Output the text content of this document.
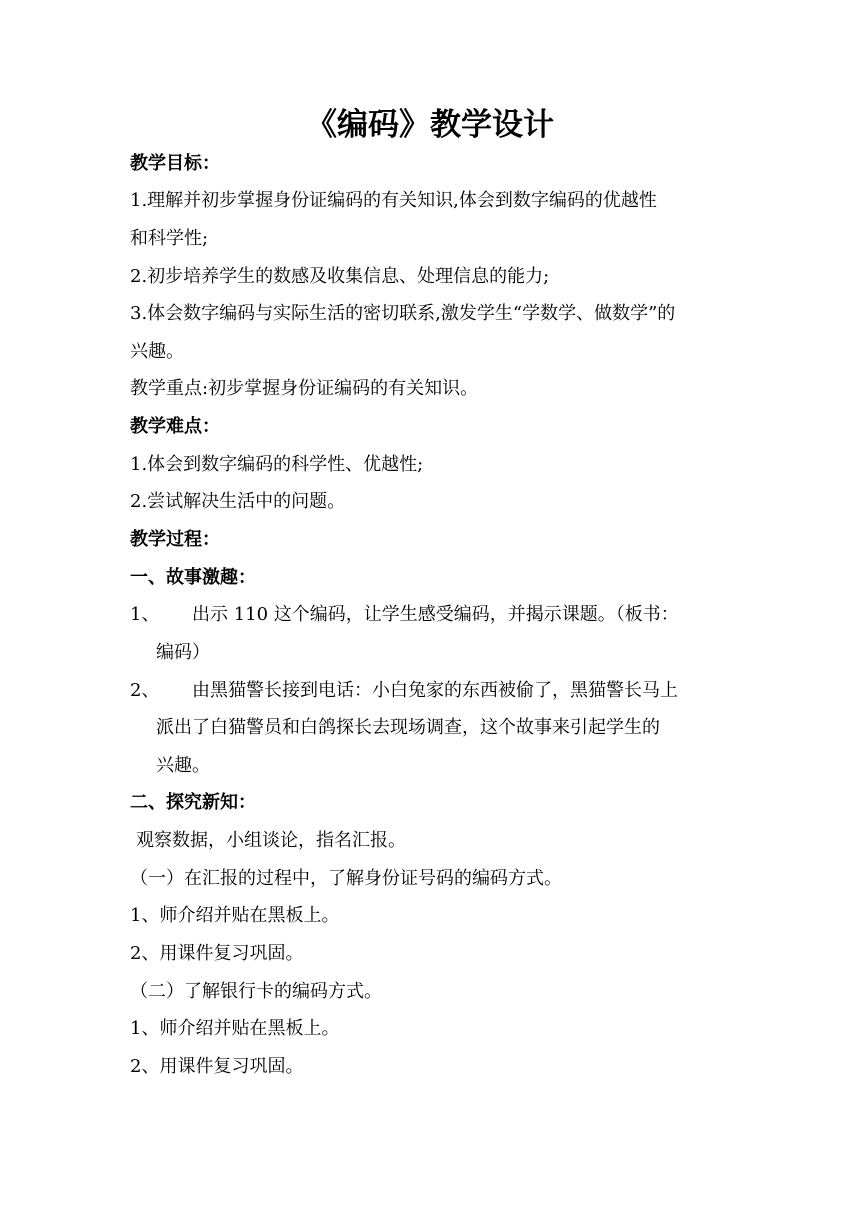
《编码》教学设计
教学目标：
1.理解并初步掌握身份证编码的有关知识,体会到数字编码的优越性
和科学性;
2.初步培养学生的数感及收集信息、处理信息的能力;
3.体会数字编码与实际生活的密切联系,激发学生“学数学、做数学”的
兴趣。
教学重点:初步掌握身份证编码的有关知识。
教学难点：
1.体会到数字编码的科学性、优越性;
2.尝试解决生活中的问题。
教学过程：
一、故事激趣：
1、 出示 110 这个编码，让学生感受编码，并揭示课题。（板书：
编码）
2、 由黑猫警长接到电话：小白兔家的东西被偷了，黑猫警长马上
派出了白猫警员和白鸽探长去现场调查，这个故事来引起学生的
兴趣。
二、探究新知：
观察数据，小组谈论，指名汇报。
（一）在汇报的过程中，了解身份证号码的编码方式。
1、师介绍并贴在黑板上。
2、用课件复习巩固。
（二）了解银行卡的编码方式。
1、师介绍并贴在黑板上。
2、用课件复习巩固。
